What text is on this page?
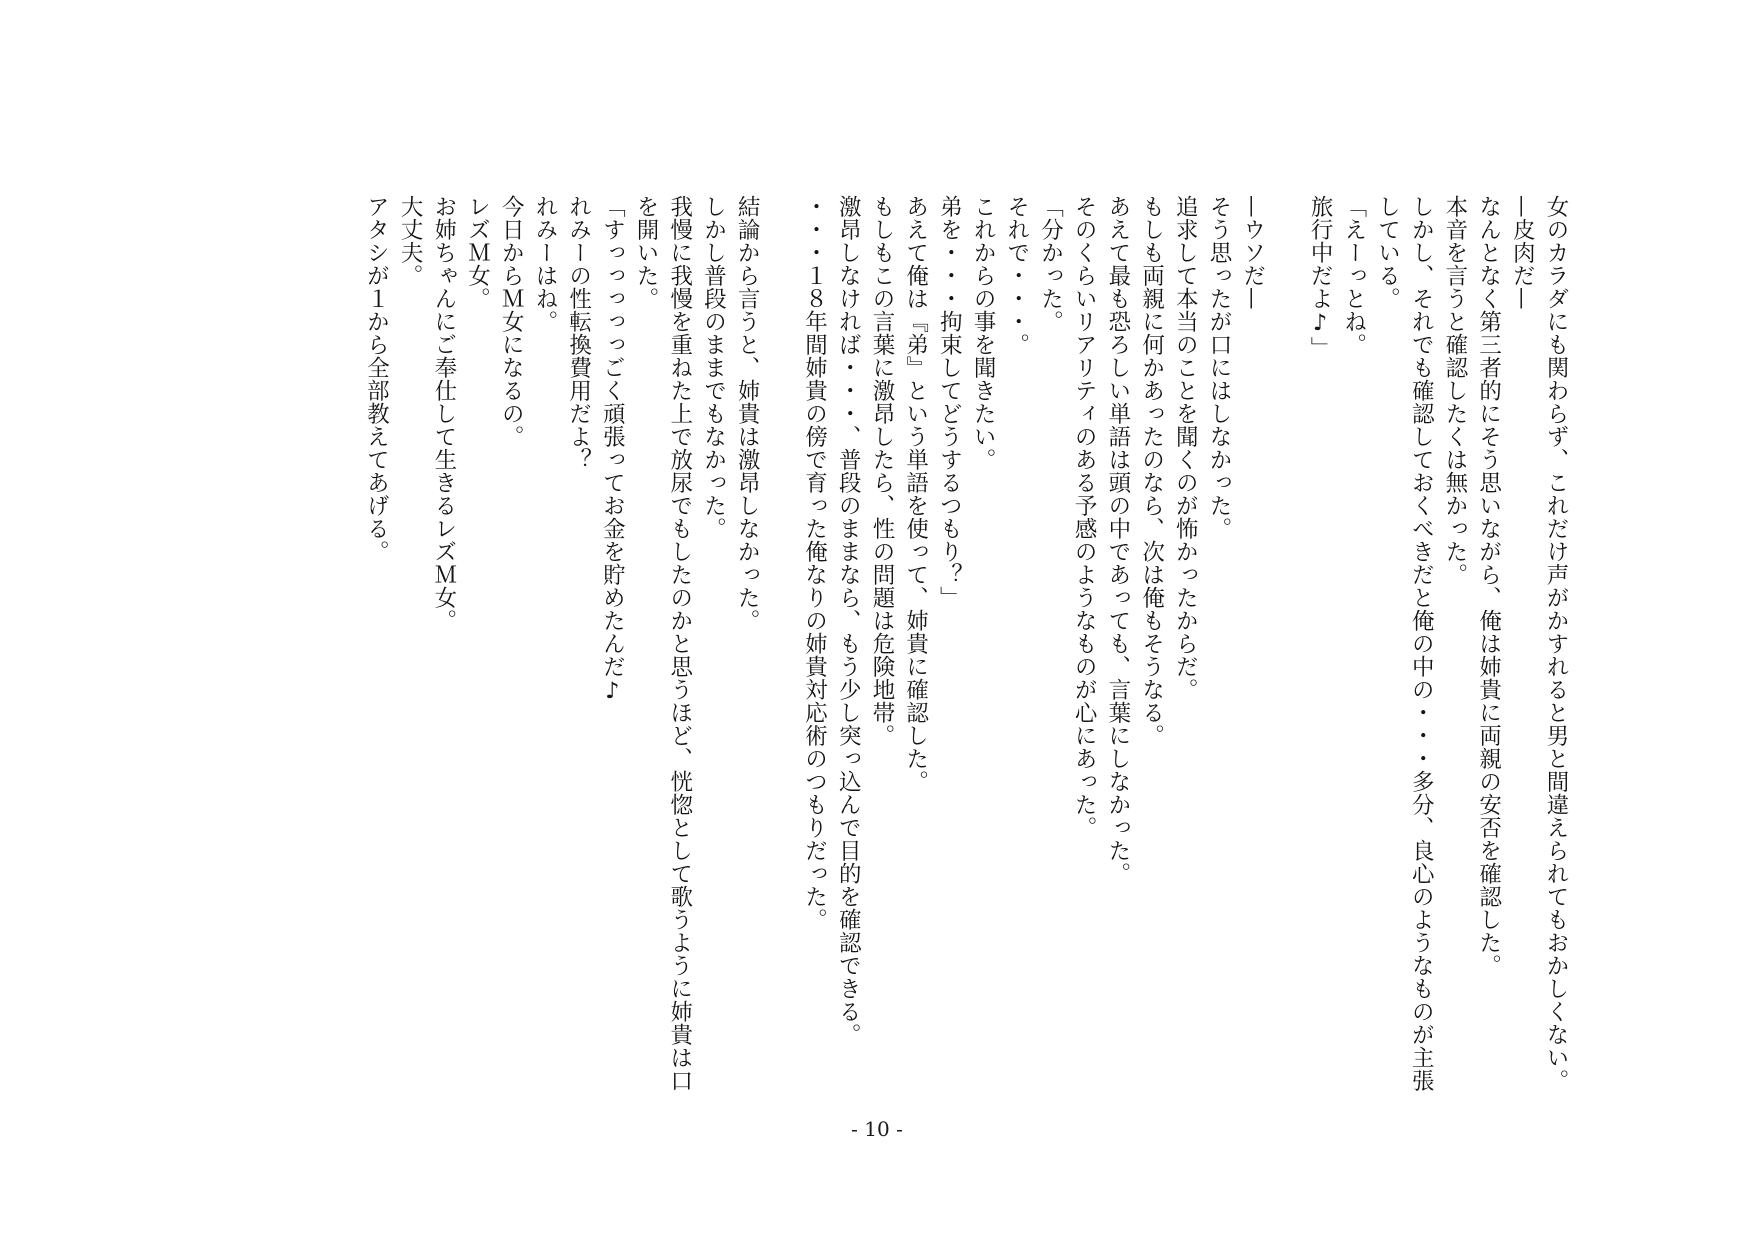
女のカラダにも関わらず、これだけ声がかすれると男と間違えられてもおかしくない。
—皮肉だ—
なんとなく第三者的にそう思いながら、俺は姉貴に両親の安否を確認した。
本音を言うと確認したくは無かった。
しかし、それでも確認しておくべきだと俺の中の・・・多分、良心のようなものが主張
している。
「えーっとね。
旅行中だよ♪」
—ウソだ—
そう思ったが口にはしなかった。
追求して本当のことを聞くのが怖かったからだ。
もしも両親に何かあったのなら、次は俺もそうなる。
あえて最も恐ろしい単語は頭の中であっても、言葉にしなかった。
そのくらいリアリティのある予感のようなものが心にあった。
「分かった。
それで・・・。
これからの事を聞きたい。
弟を・・・拘束してどうするつもり？」
あえて俺は『弟』という単語を使って、姉貴に確認した。
もしもこの言葉に激昂したら、性の問題は危険地帯。
激昂しなければ・・・、普段のままなら、もう少し突っ込んで目的を確認できる。
・・・１８年間姉貴の傍で育った俺なりの姉貴対応術のつもりだった。
結論から言うと、姉貴は激昂しなかった。
しかし普段のままでもなかった。
我慢に我慢を重ねた上で放尿でもしたのかと思うほど、恍惚として歌うように姉貴は口
を開いた。
「すっっっっっごく頑張ってお金を貯めたんだ♪
れみーの性転換費用だよ？
れみーはね。
今日からＭ女になるの。
レズＭ女。
お姉ちゃんにご奉仕して生きるレズＭ女。
大丈夫。
アタシが１から全部教えてあげる。
- 10 -
